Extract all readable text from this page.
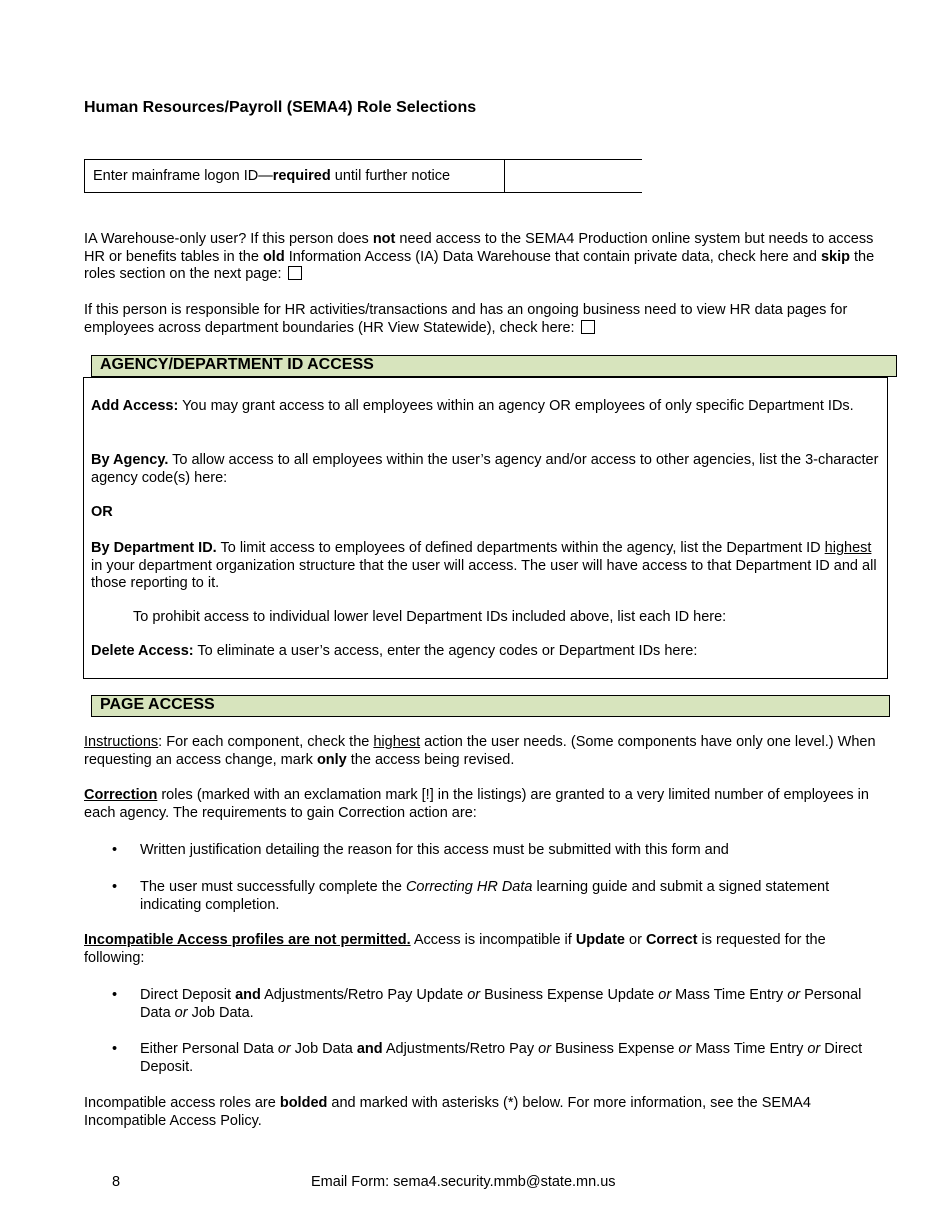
Human Resources/Payroll (SEMA4) Role Selections
Enter mainframe logon ID—required until further notice

IA Warehouse-only user? If this person does not need access to the SEMA4 Production online system but needs to access HR or benefits tables in the old Information Access (IA) Data Warehouse that contain private data, check here and skip the roles section on the next page:

If this person is responsible for HR activities/transactions and has an ongoing business need to view HR data pages for employees across department boundaries (HR View Statewide), check here:

AGENCY/DEPARTMENT ID ACCESS

Add Access: You may grant access to all employees within an agency OR employees of only specific Department IDs.

By Agency. To allow access to all employees within the user’s agency and/or access to other agencies, list the 3-character agency code(s) here:

OR

By Department ID. To limit access to employees of defined departments within the agency, list the Department ID highest in your department organization structure that the user will access. The user will have access to that Department ID and all those reporting to it.

To prohibit access to individual lower level Department IDs included above, list each ID here:

Delete Access: To eliminate a user’s access, enter the agency codes or Department IDs here:

PAGE ACCESS

Instructions: For each component, check the highest action the user needs. (Some components have only one level.) When requesting an access change, mark only the access being revised.

Correction roles (marked with an exclamation mark [!] in the listings) are granted to a very limited number of employees in each agency. The requirements to gain Correction action are:

• Written justification detailing the reason for this access must be submitted with this form and

• The user must successfully complete the Correcting HR Data learning guide and submit a signed statement indicating completion.

Incompatible Access profiles are not permitted. Access is incompatible if Update or Correct is requested for the following:

• Direct Deposit and Adjustments/Retro Pay Update or Business Expense Update or Mass Time Entry or Personal Data or Job Data.

• Either Personal Data or Job Data and Adjustments/Retro Pay or Business Expense or Mass Time Entry or Direct Deposit.

Incompatible access roles are bolded and marked with asterisks (*) below. For more information, see the SEMA4 Incompatible Access Policy.

8	Email Form: sema4.security.mmb@state.mn.us
